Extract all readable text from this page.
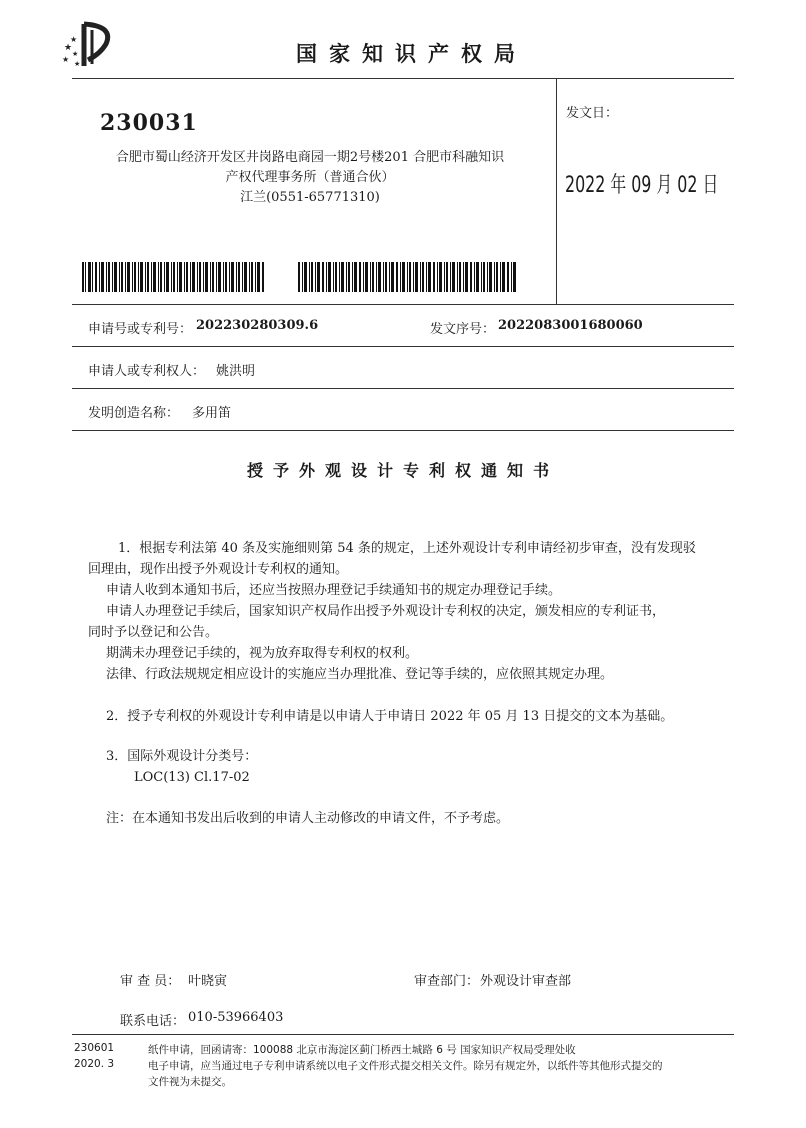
★
★
★
★
★	国家知识产权局
230031
合肥市蜀山经济开发区井岗路电商园一期2号楼201 合肥市科融知识
产权代理事务所（普通合伙）
江兰(0551-65771310)
发文日：
2022 年 09 月 02 日
申请号或专利号： 202230280309.6	发文序号： 2022083001680060
申请人或专利权人： 姚洪明
发明创造名称： 多用笛
授予外观设计专利权通知书
1．根据专利法第 40 条及实施细则第 54 条的规定，上述外观设计专利申请经初步审查，没有发现驳
回理由，现作出授予外观设计专利权的通知。
申请人收到本通知书后，还应当按照办理登记手续通知书的规定办理登记手续。
申请人办理登记手续后，国家知识产权局作出授予外观设计专利权的决定，颁发相应的专利证书，
同时予以登记和公告。
期满未办理登记手续的，视为放弃取得专利权的权利。
法律、行政法规规定相应设计的实施应当办理批准、登记等手续的，应依照其规定办理。
2．授予专利权的外观设计专利申请是以申请人于申请日 2022 年 05 月 13 日提交的文本为基础。
3．国际外观设计分类号：
LOC(13) Cl.17-02
注：在本通知书发出后收到的申请人主动修改的申请文件，不予考虑。
审 查 员： 叶晓寅	审查部门： 外观设计审查部
联系电话： 010-53966403
230601
2020. 3
纸件申请，回函请寄：100088 北京市海淀区蓟门桥西土城路 6 号 国家知识产权局受理处收
电子申请，应当通过电子专利申请系统以电子文件形式提交相关文件。除另有规定外，以纸件等其他形式提交的
文件视为未提交。
